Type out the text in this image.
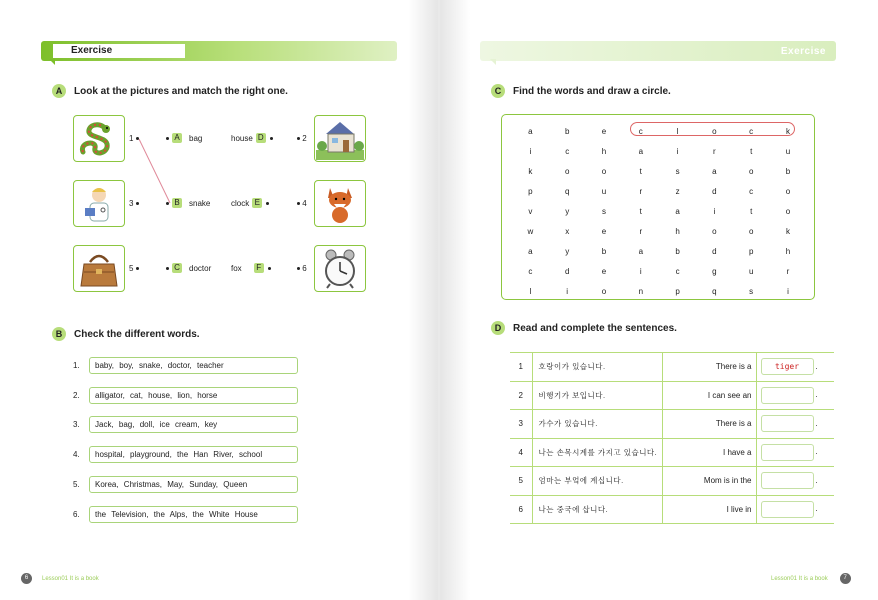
Exercise
A	Look at the pictures and match the right one.
1	A bag	house D	2
3	B snake	clock E	4
5	C doctor fox	F	6
B	Check the different words.
1.	baby, boy, snake, doctor, teacher
2.	alligator, cat, house, lion, horse
3.	Jack, bag, doll, ice cream, key
4.	hospital, playground, the Han River, school
5.	Korea, Christmas, May, Sunday, Queen
6.	the Television, the Alps, the White House
6	Lesson01 It is a book
Exercise
C	Find the words and draw a circle.
a	b	e	c	l	o	c	k
i	c	h	a	i	r	t	u
k	o	o	t	s	a	o	b
p	q	u	r	z	d	c	o
v	y	s	t	a	i	t	o
w	x	e	r	h	o	o	k
a	y	b	a	b	d	p	h
c	d	e	i	c	g	u	r
l	i	o	n	p	q	s	i
D	Read and complete the sentences.
1	호랑이가 있습니다.	There is a	tiger .
2	비행기가 보입니다.	I can see an	.
3	가수가 있습니다.	There is a	.
4	나는 손목시계를 가지고 있습니다.	I have a	.
5	엄마는 부엌에 계십니다.	Mom is in the	.
6	나는 중국에 삽니다.	I live in	.
Lesson01 It is a book	7
